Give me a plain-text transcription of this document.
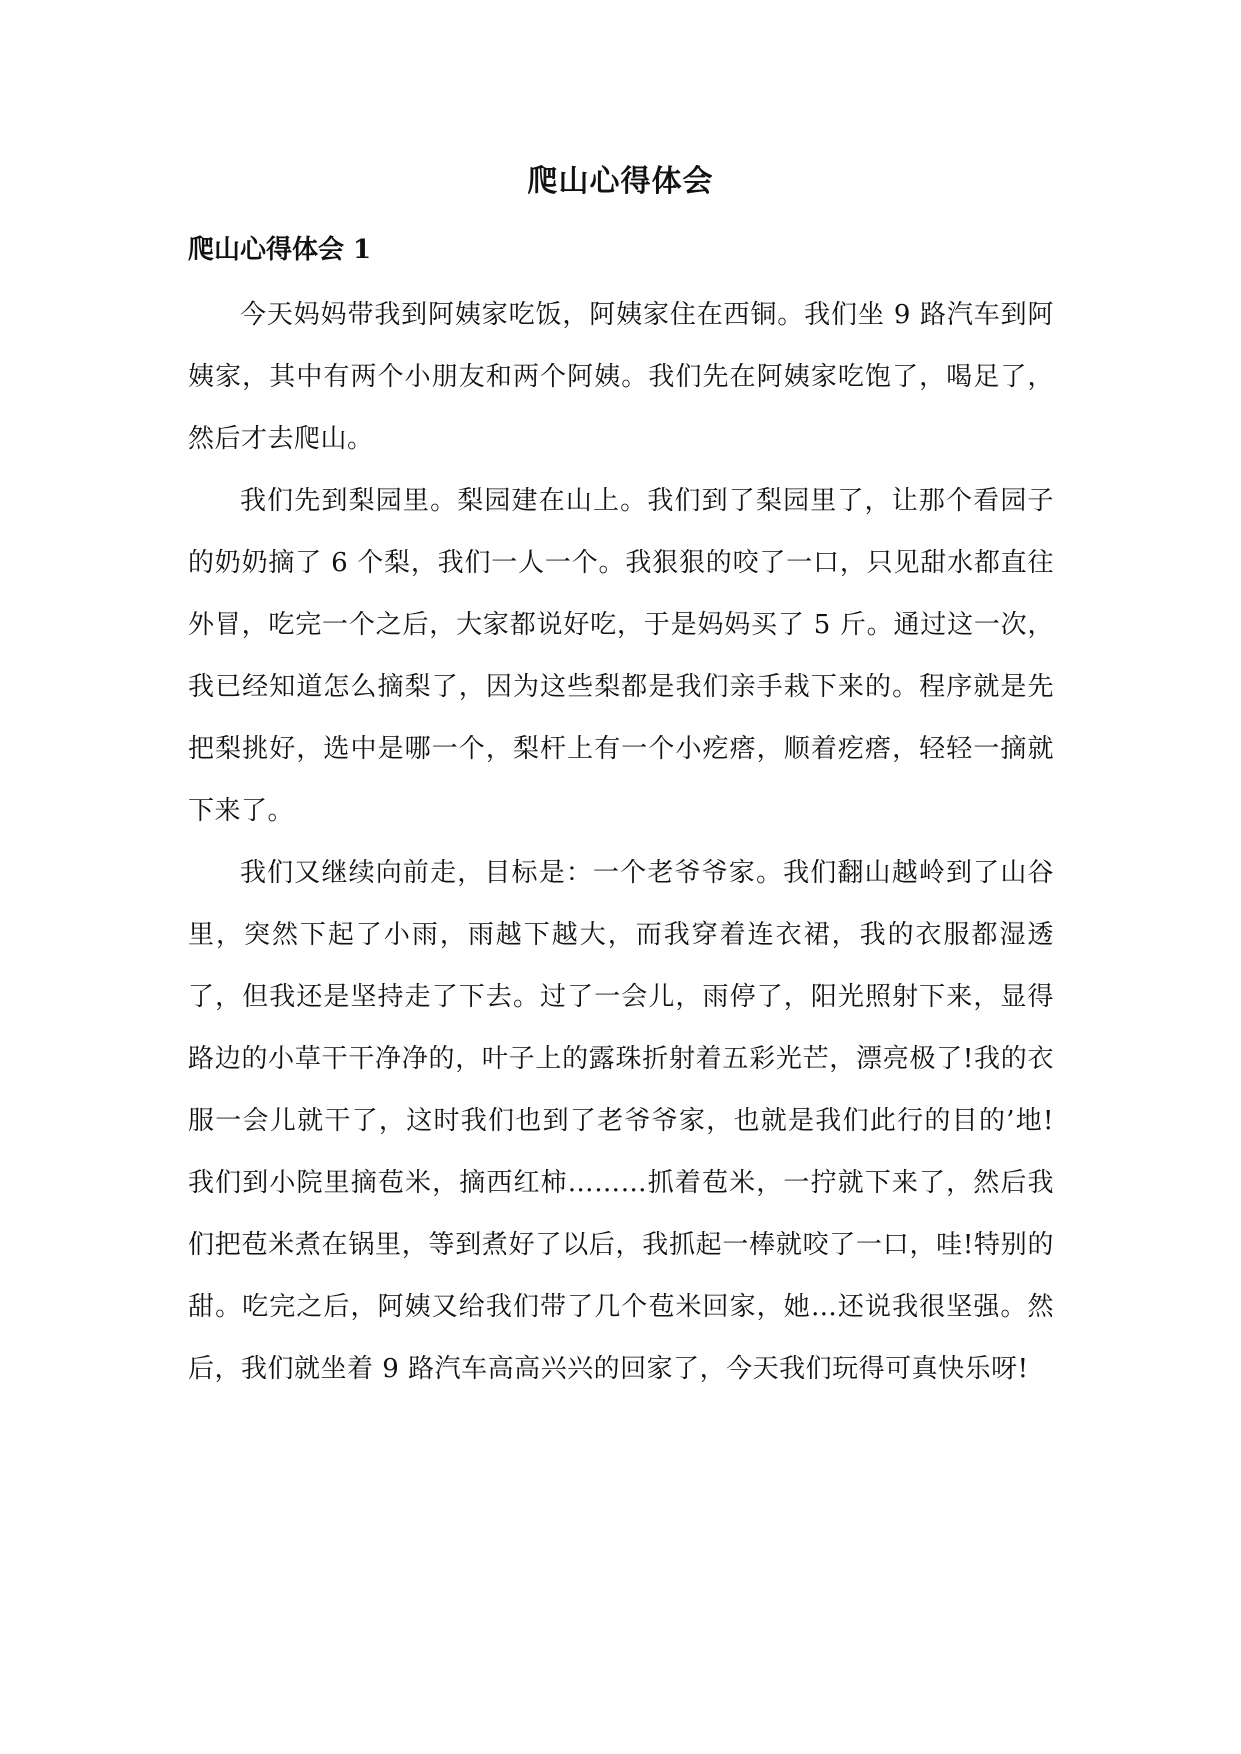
爬山心得体会
爬山心得体会 1

今天妈妈带我到阿姨家吃饭，阿姨家住在西铜。我们坐 9 路汽车到阿姨家，其中有两个小朋友和两个阿姨。我们先在阿姨家吃饱了，喝足了，然后才去爬山。

我们先到梨园里。梨园建在山上。我们到了梨园里了，让那个看园子的奶奶摘了 6 个梨，我们一人一个。我狠狠的咬了一口，只见甜水都直往外冒，吃完一个之后，大家都说好吃，于是妈妈买了 5 斤。通过这一次，我已经知道怎么摘梨了，因为这些梨都是我们亲手栽下来的。程序就是先把梨挑好，选中是哪一个，梨杆上有一个小疙瘩，顺着疙瘩，轻轻一摘就下来了。

我们又继续向前走，目标是：一个老爷爷家。我们翻山越岭到了山谷里，突然下起了小雨，雨越下越大，而我穿着连衣裙，我的衣服都湿透了，但我还是坚持走了下去。过了一会儿，雨停了，阳光照射下来，显得路边的小草干干净净的，叶子上的露珠折射着五彩光芒，漂亮极了!我的衣服一会儿就干了，这时我们也到了老爷爷家，也就是我们此行的目的’地!我们到小院里摘苞米，摘西红柿………抓着苞米，一拧就下来了，然后我们把苞米煮在锅里，等到煮好了以后，我抓起一棒就咬了一口，哇!特别的甜。吃完之后，阿姨又给我们带了几个苞米回家，她…还说我很坚强。然后，我们就坐着 9 路汽车高高兴兴的回家了，今天我们玩得可真快乐呀!
